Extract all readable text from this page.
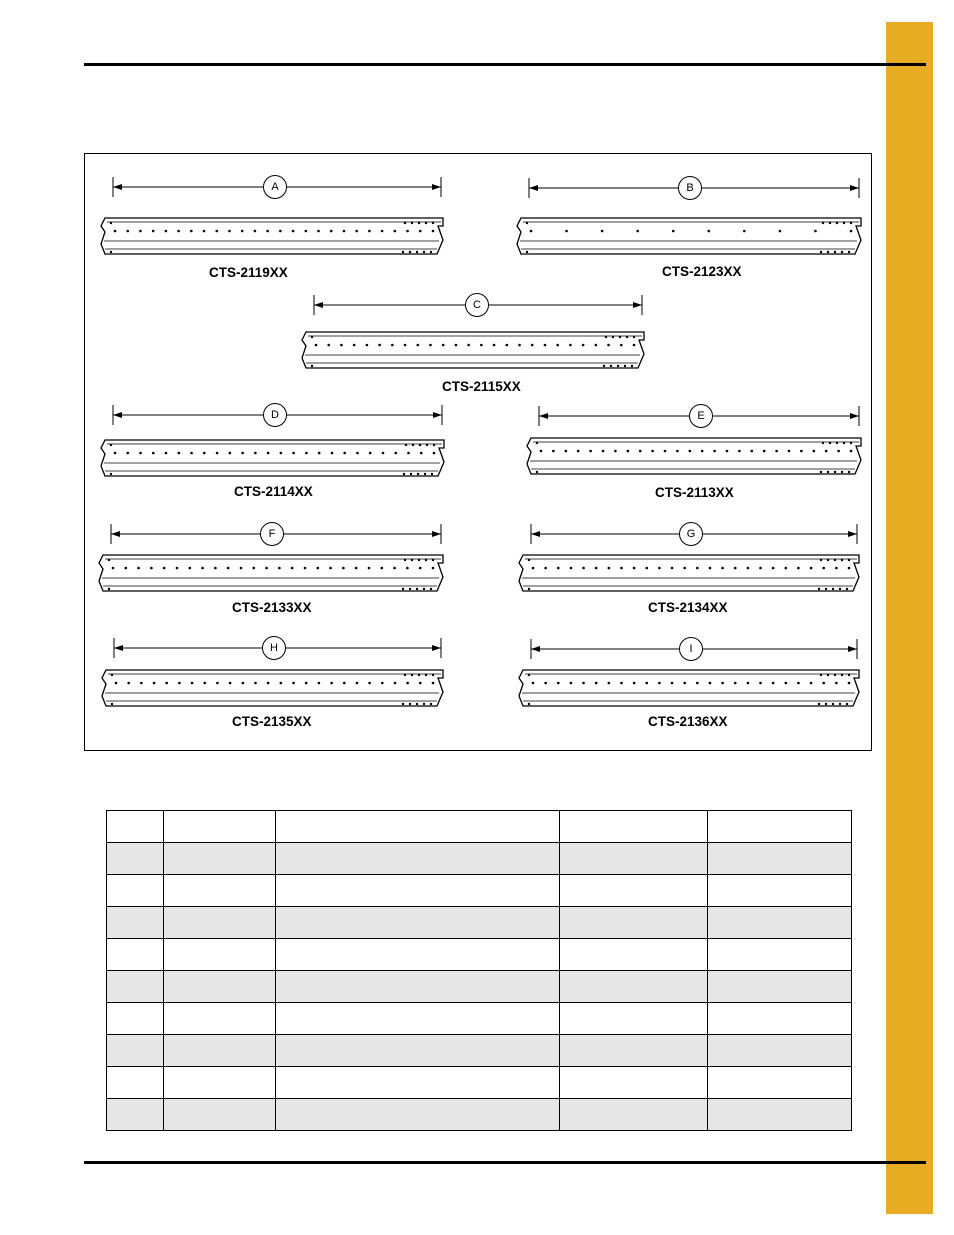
A	B
C
D	E
F	G
H	I
CTS-2119XX	CTS-2123XX
CTS-2115XX
CTS-2114XX	CTS-2113XX
CTS-2133XX	CTS-2134XX
CTS-2135XX	CTS-2136XX
